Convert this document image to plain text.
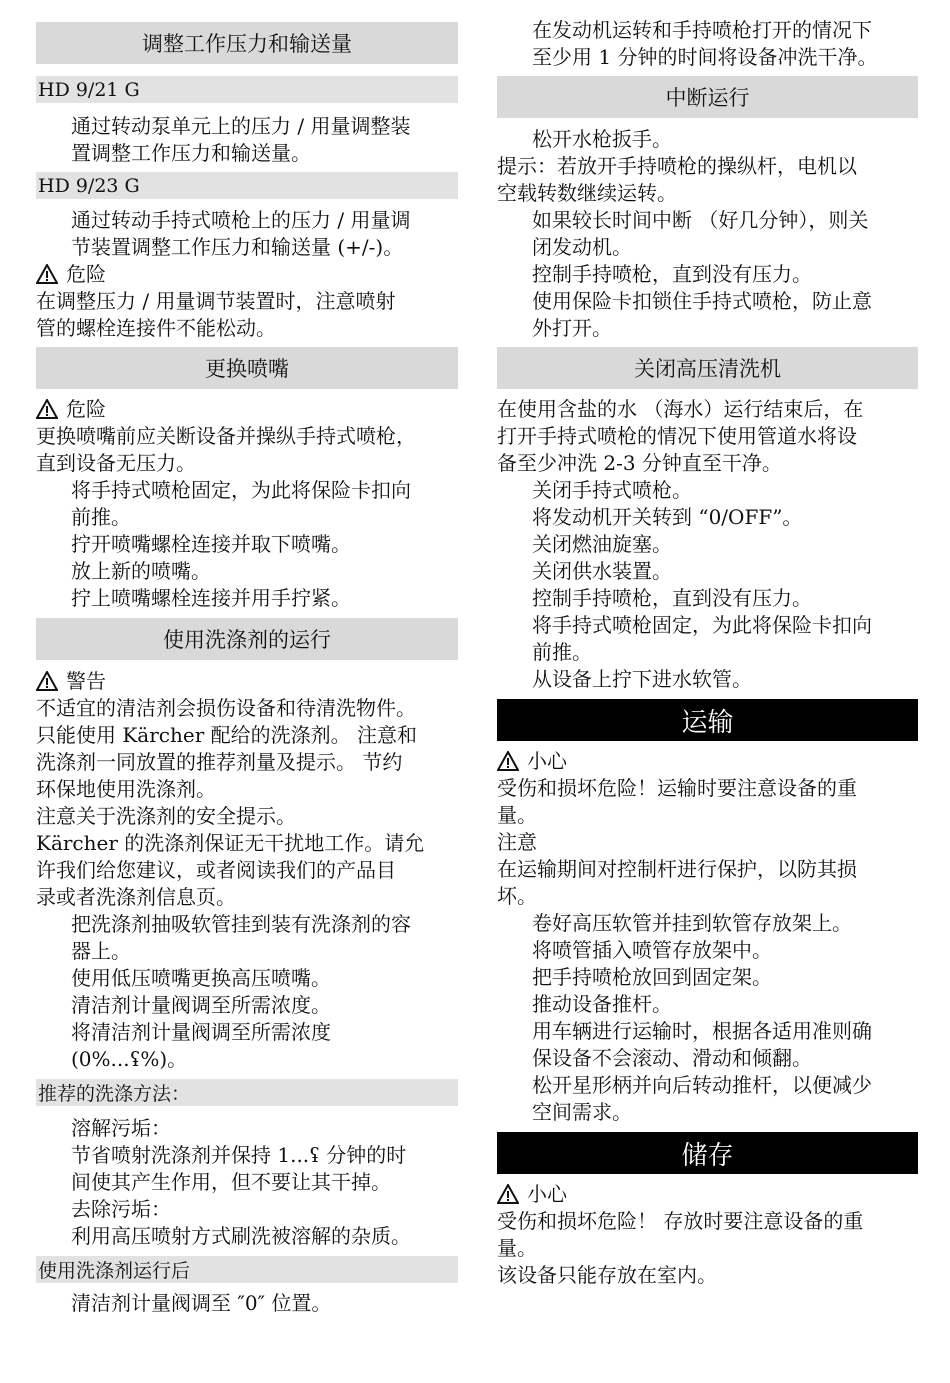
调整工作压力和输送量
HD 9/21 G
通过转动泵单元上的压力 / 用量调整装
置调整工作压力和输送量。
HD 9/23 G
通过转动手持式喷枪上的压力 / 用量调
节装置调整工作压力和输送量 (+/-)。
危险
在调整压力 / 用量调节装置时，注意喷射
管的螺栓连接件不能松动。
更换喷嘴
危险
更换喷嘴前应关断设备并操纵手持式喷枪，
直到设备无压力。
将手持式喷枪固定，为此将保险卡扣向
前推。
拧开喷嘴螺栓连接并取下喷嘴。
放上新的喷嘴。
拧上喷嘴螺栓连接并用手拧紧。
使用洗涤剂的运行
警告
不适宜的清洁剂会损伤设备和待清洗物件。
只能使用 Kärcher 配给的洗涤剂。 注意和
洗涤剂一同放置的推荐剂量及提示。 节约
环保地使用洗涤剂。
注意关于洗涤剂的安全提示。
Kärcher 的洗涤剂保证无干扰地工作。请允
许我们给您建议，或者阅读我们的产品目
录或者洗涤剂信息页。
把洗涤剂抽吸软管挂到装有洗涤剂的容
器上。
使用低压喷嘴更换高压喷嘴。
清洁剂计量阀调至所需浓度。
将清洁剂计量阀调至所需浓度
(0%...ʢ%)。
推荐的洗涤方法：
溶解污垢：
节省喷射洗涤剂并保持 1...ʢ 分钟的时
间使其产生作用，但不要让其干掉。
去除污垢：
利用高压喷射方式刷洗被溶解的杂质。
使用洗涤剂运行后
清洁剂计量阀调至 ″0″ 位置。
在发动机运转和手持喷枪打开的情况下
至少用 1 分钟的时间将设备冲洗干净。
中断运行
松开水枪扳手。
提示：若放开手持喷枪的操纵杆，电机以
空载转数继续运转。
如果较长时间中断 （好几分钟），则关
闭发动机。
控制手持喷枪，直到没有压力。
使用保险卡扣锁住手持式喷枪，防止意
外打开。
关闭高压清洗机
在使用含盐的水 （海水）运行结束后，在
打开手持式喷枪的情况下使用管道水将设
备至少冲洗 2-3 分钟直至干净。
关闭手持式喷枪。
将发动机开关转到 “0/OFF”。
关闭燃油旋塞。
关闭供水装置。
控制手持喷枪，直到没有压力。
将手持式喷枪固定，为此将保险卡扣向
前推。
从设备上拧下进水软管。
运输
小心
受伤和损坏危险！运输时要注意设备的重
量。
注意
在运输期间对控制杆进行保护，以防其损
坏。
卷好高压软管并挂到软管存放架上。
将喷管插入喷管存放架中。
把手持喷枪放回到固定架。
推动设备推杆。
用车辆进行运输时，根据各适用准则确
保设备不会滚动、滑动和倾翻。
松开星形柄并向后转动推杆，以便减少
空间需求。
储存
小心
受伤和损坏危险！ 存放时要注意设备的重
量。
该设备只能存放在室内。
